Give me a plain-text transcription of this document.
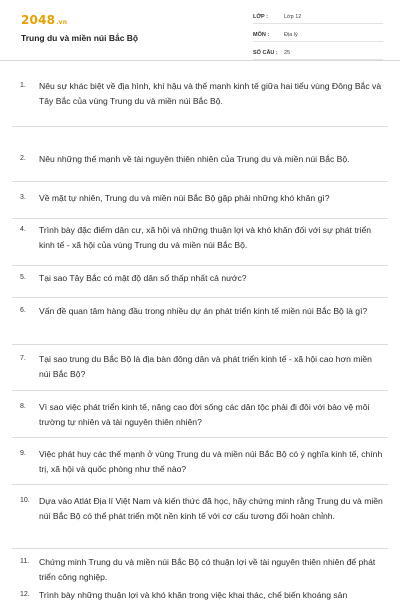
2048.vn
Trung du và miền núi Bắc Bộ
LỚP :	Lớp 12
MÔN :	Địa lý
SỐ CÂU :	25
1.	Nêu sự khác biệt về địa hình, khí hậu và thế mạnh kinh tế giữa hai tiểu vùng Đông Bắc và Tây Bắc của vùng Trung du và miền núi Bắc Bộ.
2.	Nêu những thế mạnh về tài nguyên thiên nhiên của Trung du và miền núi Bắc Bộ.
3.	Về mặt tự nhiên, Trung du và miền núi Bắc Bộ gặp phải những khó khăn gì?
4.	Trình bày đặc điểm dân cư, xã hội và những thuận lợi và khó khăn đối với sự phát triển kinh tế - xã hội của vùng Trung du và miền núi Bắc Bộ.
5.	Tại sao Tây Bắc có mật độ dân số thấp nhất cả nước?
6.	Vấn đề quan tâm hàng đầu trong nhiều dự án phát triển kinh tế miền núi Bắc Bộ là gì?
7.	Tại sao trung du Bắc Bộ là địa bàn đông dân và phát triển kinh tế - xã hội cao hơn miền núi Bắc Bộ?
8.	Vì sao việc phát triển kinh tế, nâng cao đời sống các dân tộc phải đi đôi với bảo vệ môi trường tự nhiên và tài nguyên thiên nhiên?
9.	Việc phát huy các thế mạnh ở vùng Trung du và miền núi Bắc Bộ có ý nghĩa kinh tế, chính trị, xã hội và quốc phòng như thế nào?
10.	Dựa vào Atlát Địa lí Việt Nam và kiến thức đã học, hãy chứng minh rằng Trung du và miền núi Bắc Bộ có thể phát triển một nền kinh tế với cơ cấu tương đối hoàn chỉnh.
11.	Chứng minh Trung du và miền núi Bắc Bộ có thuận lợi về tài nguyên thiên nhiên để phát triển công nghiệp.
12.	Trình bày những thuận lợi và khó khăn trong việc khai thác, chế biến khoáng sản
